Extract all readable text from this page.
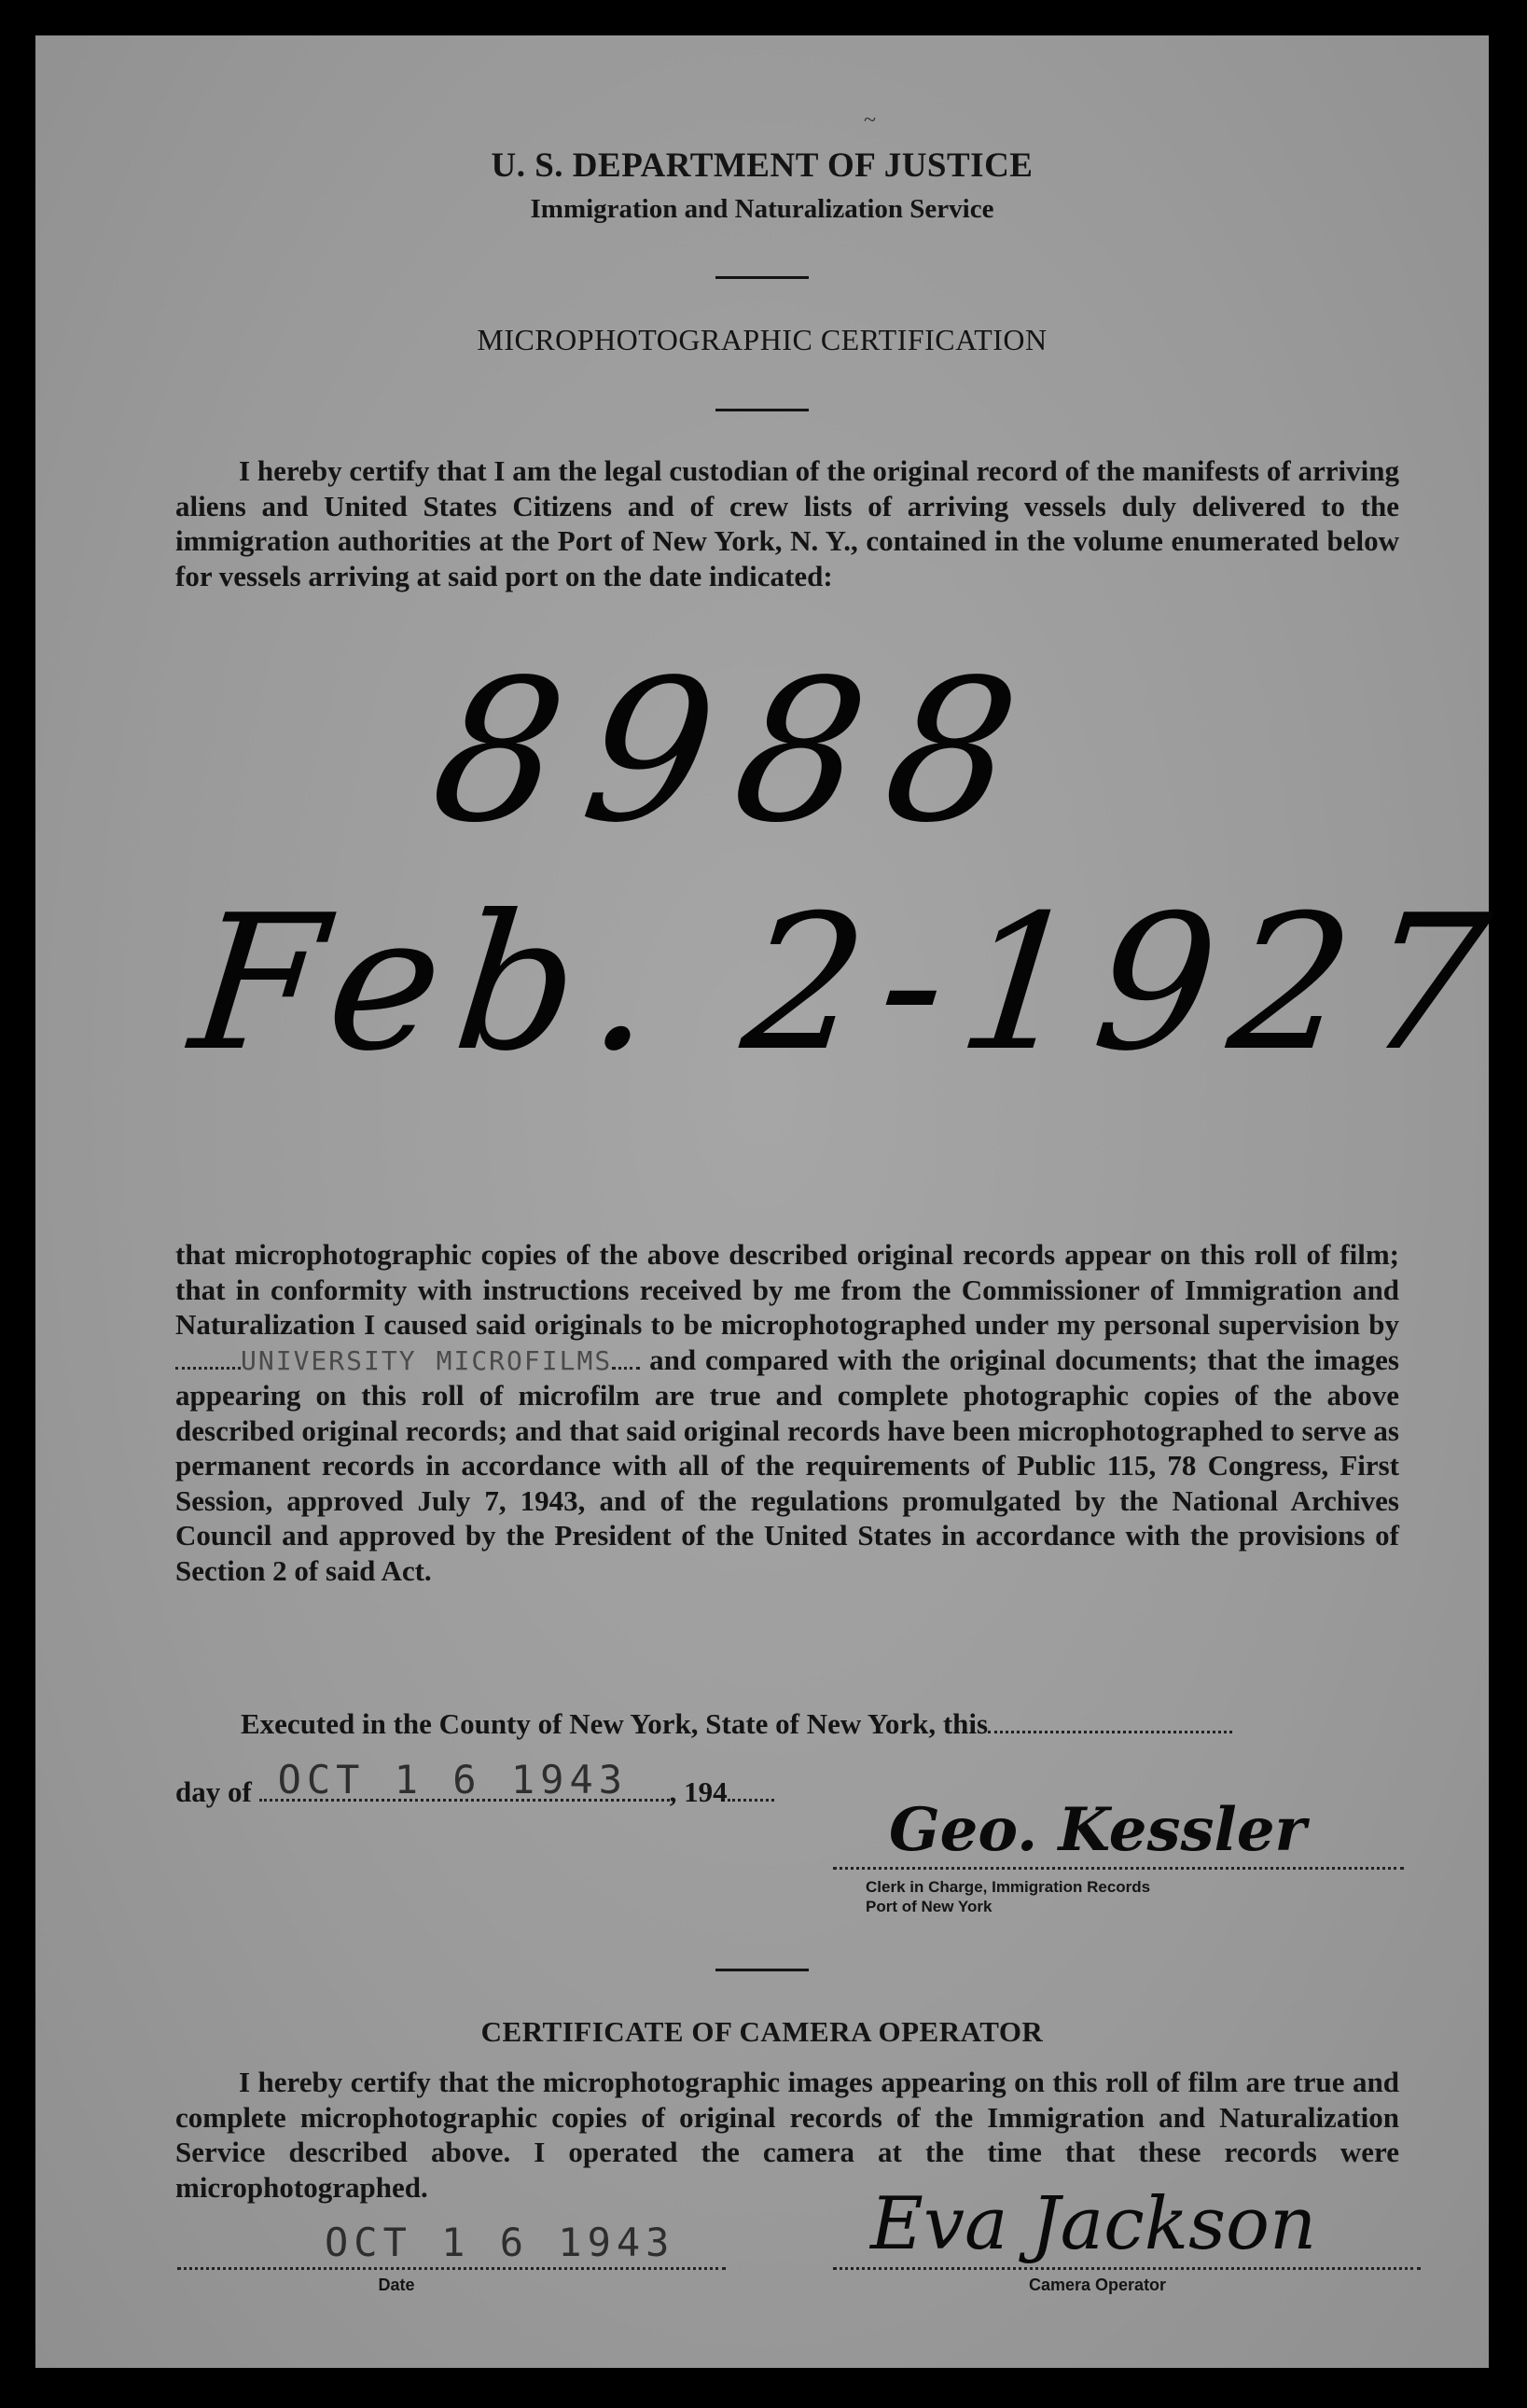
~
U. S. DEPARTMENT OF JUSTICE
Immigration and Naturalization Service
MICROPHOTOGRAPHIC CERTIFICATION
I hereby certify that I am the legal custodian of the original record of the manifests of arriving aliens and United States Citizens and of crew lists of arriving vessels duly delivered to the immigration authorities at the Port of New York, N. Y., contained in the volume enumerated below for vessels arriving at said port on the date indicated:
8988
Feb. 2-1927
that microphotographic copies of the above described original records appear on this roll of film; that in conformity with instructions received by me from the Commissioner of Immigration and Naturalization I caused said originals to be microphotographed under my personal supervision byUNIVERSITY MICROFILMS and compared with the original documents; that the images appearing on this roll of microfilm are true and complete photographic copies of the above described original records; and that said original records have been microphotographed to serve as permanent records in accordance with all of the requirements of Public 115, 78 Congress, First Session, approved July 7, 1943, and of the regulations promulgated by the National Archives Council and approved by the President of the United States in accordance with the provisions of Section 2 of said Act.
Executed in the County of New York, State of New York, this
day of OCT 1 6 1943 , 194
Geo. Kessler
Clerk in Charge, Immigration Records
Port of New York
CERTIFICATE OF CAMERA OPERATOR
I hereby certify that the microphotographic images appearing on this roll of film are true and complete microphotographic copies of original records of the Immigration and Naturalization Service described above. I operated the camera at the time that these records were microphotographed.
OCT 1 6 1943
Date
Eva Jackson
Camera Operator
